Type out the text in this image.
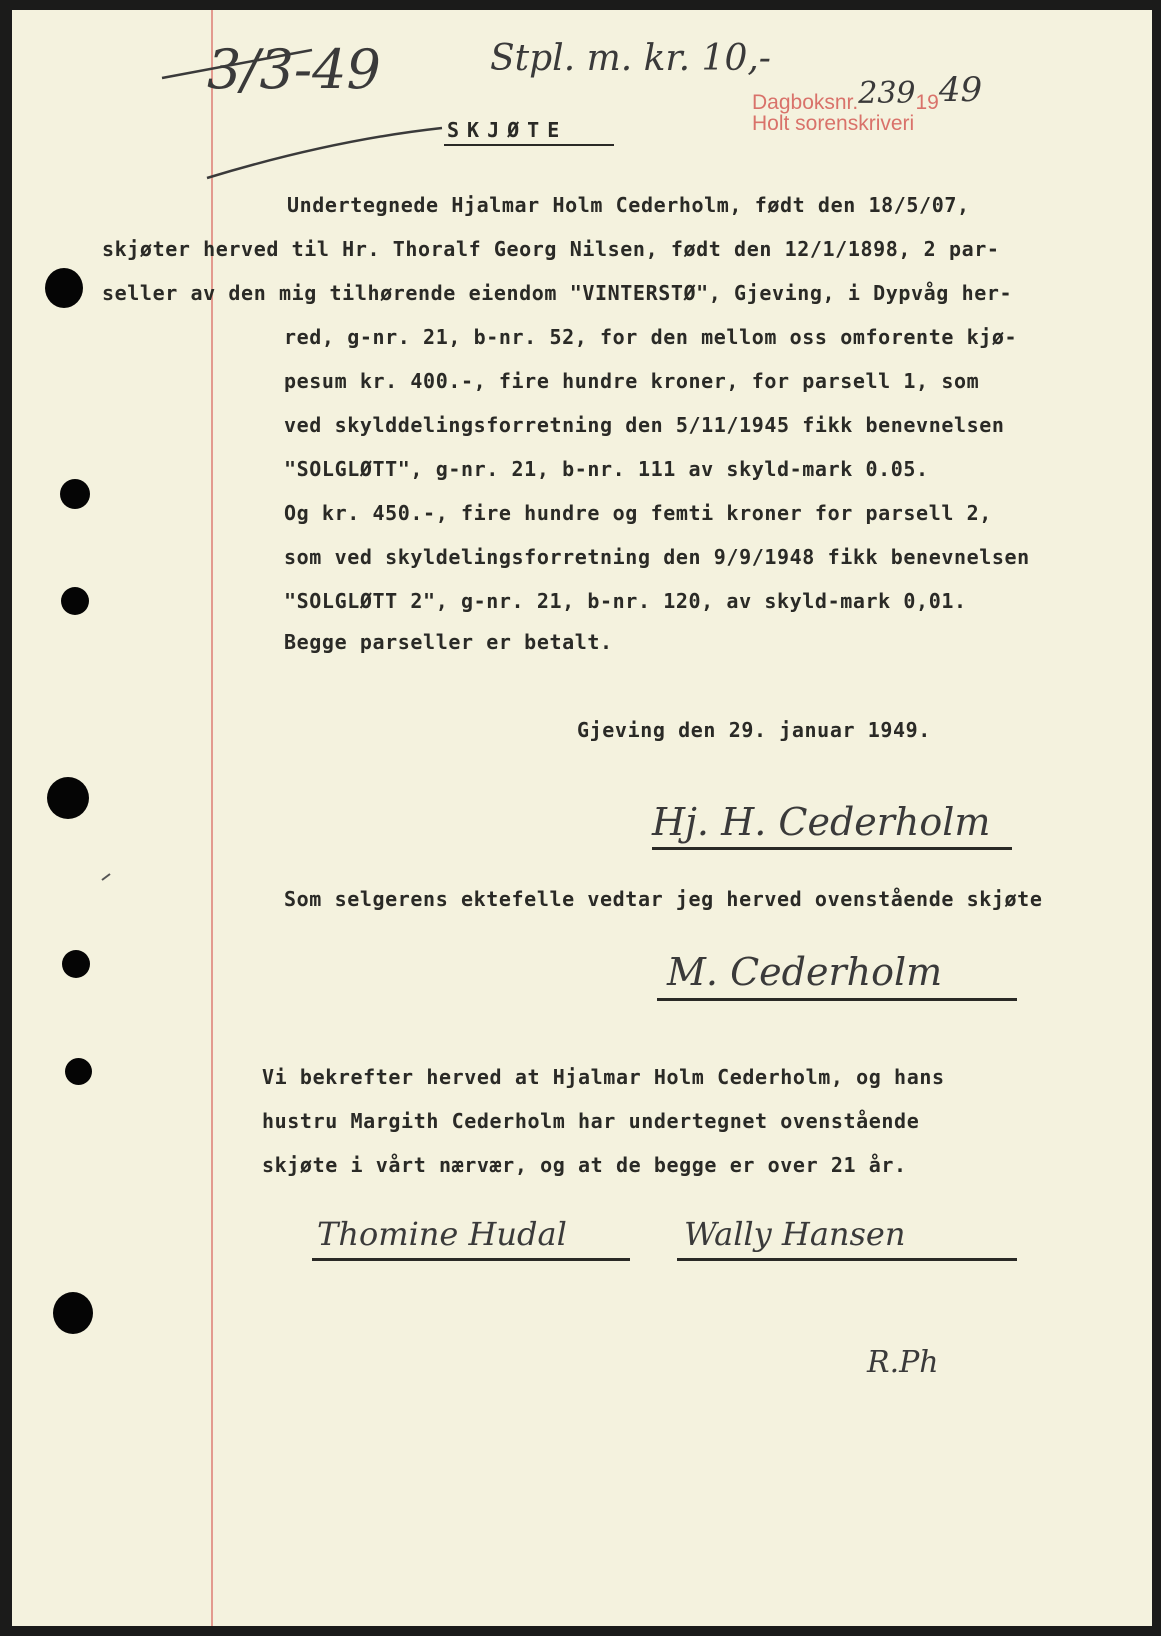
3/3-49	Stpl. m. kr. 10,-
Dagboksnr.2391949
Holt sorenskriveri
SKJØTE
Undertegnede Hjalmar Holm Cederholm, født den 18/5/07,
skjøter herved til Hr. Thoralf Georg Nilsen, født den 12/1/1898, 2 par-
seller av den mig tilhørende eiendom "VINTERSTØ", Gjeving, i Dypvåg her-
red, g-nr. 21, b-nr. 52, for den mellom oss omforente kjø-
pesum kr. 400.-, fire hundre kroner, for parsell 1, som
ved skylddelingsforretning den 5/11/1945 fikk benevnelsen
"SOLGLØTT", g-nr. 21, b-nr. 111 av skyld-mark 0.05.
Og kr. 450.-, fire hundre og femti kroner for parsell 2,
som ved skyldelingsforretning den 9/9/1948 fikk benevnelsen
"SOLGLØTT 2", g-nr. 21, b-nr. 120, av skyld-mark 0,01.
Begge parseller er betalt.
Gjeving den 29. januar 1949.
Hj. H. Cederholm
Som selgerens ektefelle vedtar jeg herved ovenstående skjøte
M. Cederholm
Vi bekrefter herved at Hjalmar Holm Cederholm, og hans
hustru Margith Cederholm har undertegnet ovenstående
skjøte i vårt nærvær, og at de begge er over 21 år.
Thomine Hudal	Wally Hansen
R.Ph
